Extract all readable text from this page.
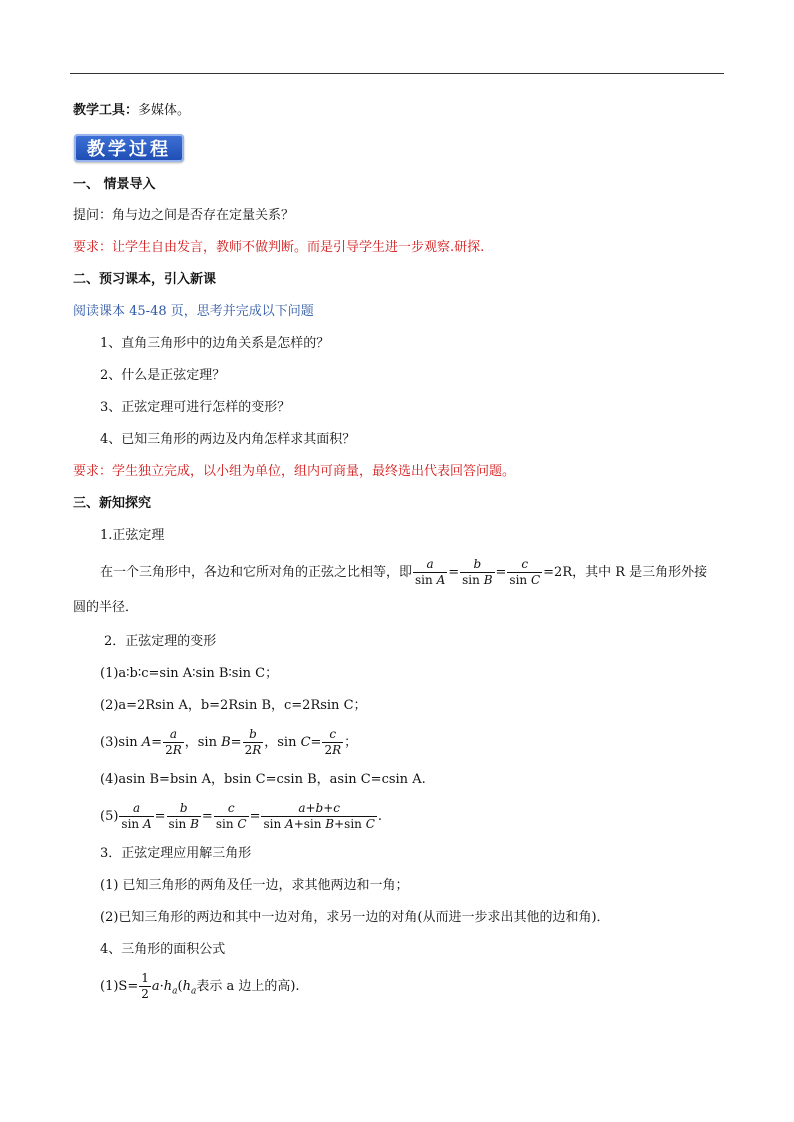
教学工具：多媒体。
教学过程
一、 情景导入
提问：角与边之间是否存在定量关系？
要求：让学生自由发言，教师不做判断。而是引导学生进一步观察.研探.
二、预习课本，引入新课
阅读课本 45-48 页，思考并完成以下问题
1、直角三角形中的边角关系是怎样的？
2、什么是正弦定理？
3、正弦定理可进行怎样的变形？
4、已知三角形的两边及内角怎样求其面积？
要求：学生独立完成，以小组为单位，组内可商量，最终选出代表回答问题。
三、新知探究
1.正弦定理
在一个三角形中，各边和它所对角的正弦之比相等，即 $\frac{a}{\text{sin A}} = \frac{b}{\text{sin B}} = \frac{c}{\text{sin C}} =2R$，其中 R 是三角形外接
圆的半径．
2．正弦定理的变形
(1)a∶b∶c=sin A∶sin B∶sin C；
(2)a=2Rsin A，b=2Rsin B，c=2Rsin C；
(3)sin $A= \frac{a}{2R}$ ，$\sin B= \frac{b}{2R}$ ，$\sin C= \frac{c}{2R}$ ；
(4)asin B=bsin A，bsin C=csin B，asin C=csin A.
$(5) \frac{a}{\text{sin A}} = \frac{b}{\text{sin B}} = \frac{c}{\text{sin C}} = \frac{a+b+c}{\text{sin A+sin B+sin C}}$ .
3．正弦定理应用解三角形
(1) 已知三角形的两角及任一边，求其他两边和一角；
(2)已知三角形的两边和其中一边对角，求另一边的对角(从而进一步求出其他的边和角)．
4、三角形的面积公式
$(1)S= \frac{1}{2} a\cdot h_a(h_a$表示 a 边上的高).
